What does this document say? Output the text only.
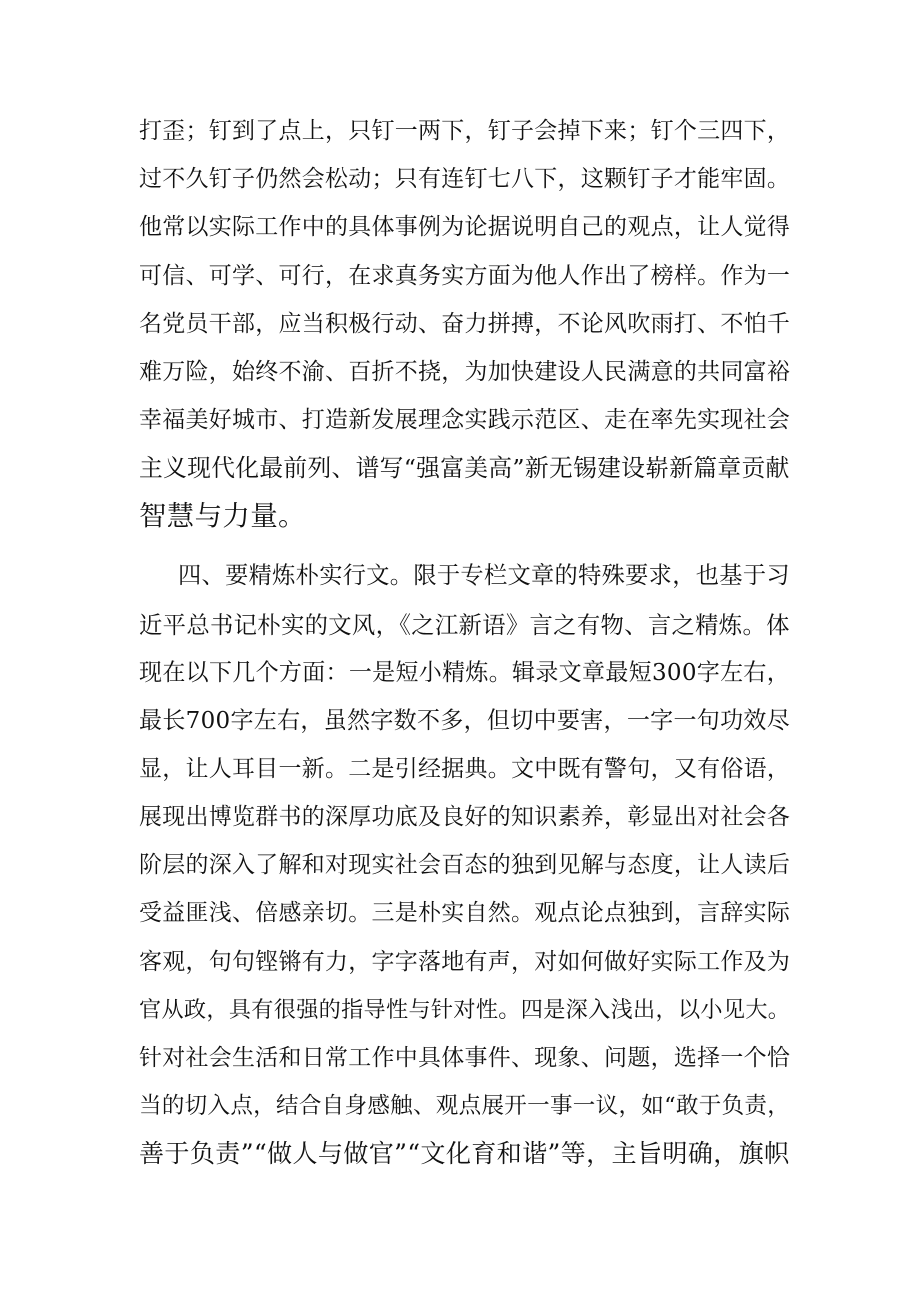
打歪；钉到了点上，只钉一两下，钉子会掉下来；钉个三四下，
过不久钉子仍然会松动；只有连钉七八下，这颗钉子才能牢固。
他常以实际工作中的具体事例为论据说明自己的观点，让人觉得
可信、可学、可行，在求真务实方面为他人作出了榜样。作为一
名党员干部，应当积极行动、奋力拼搏，不论风吹雨打、不怕千
难万险，始终不渝、百折不挠，为加快建设人民满意的共同富裕
幸福美好城市、打造新发展理念实践示范区、走在率先实现社会
主义现代化最前列、谱写“强富美高”新无锡建设崭新篇章贡献
智慧与力量。
四、要精炼朴实行文。限于专栏文章的特殊要求，也基于习
近平总书记朴实的文风，《之江新语》言之有物、言之精炼。体
现在以下几个方面：一是短小精炼。辑录文章最短300字左右，
最长700字左右，虽然字数不多，但切中要害，一字一句功效尽
显，让人耳目一新。二是引经据典。文中既有警句，又有俗语，
展现出博览群书的深厚功底及良好的知识素养，彰显出对社会各
阶层的深入了解和对现实社会百态的独到见解与态度，让人读后
受益匪浅、倍感亲切。三是朴实自然。观点论点独到，言辞实际
客观，句句铿锵有力，字字落地有声，对如何做好实际工作及为
官从政，具有很强的指导性与针对性。四是深入浅出，以小见大。
针对社会生活和日常工作中具体事件、现象、问题，选择一个恰
当的切入点，结合自身感触、观点展开一事一议，如“敢于负责，
善于负责”“做人与做官”“文化育和谐”等，主旨明确，旗帜
